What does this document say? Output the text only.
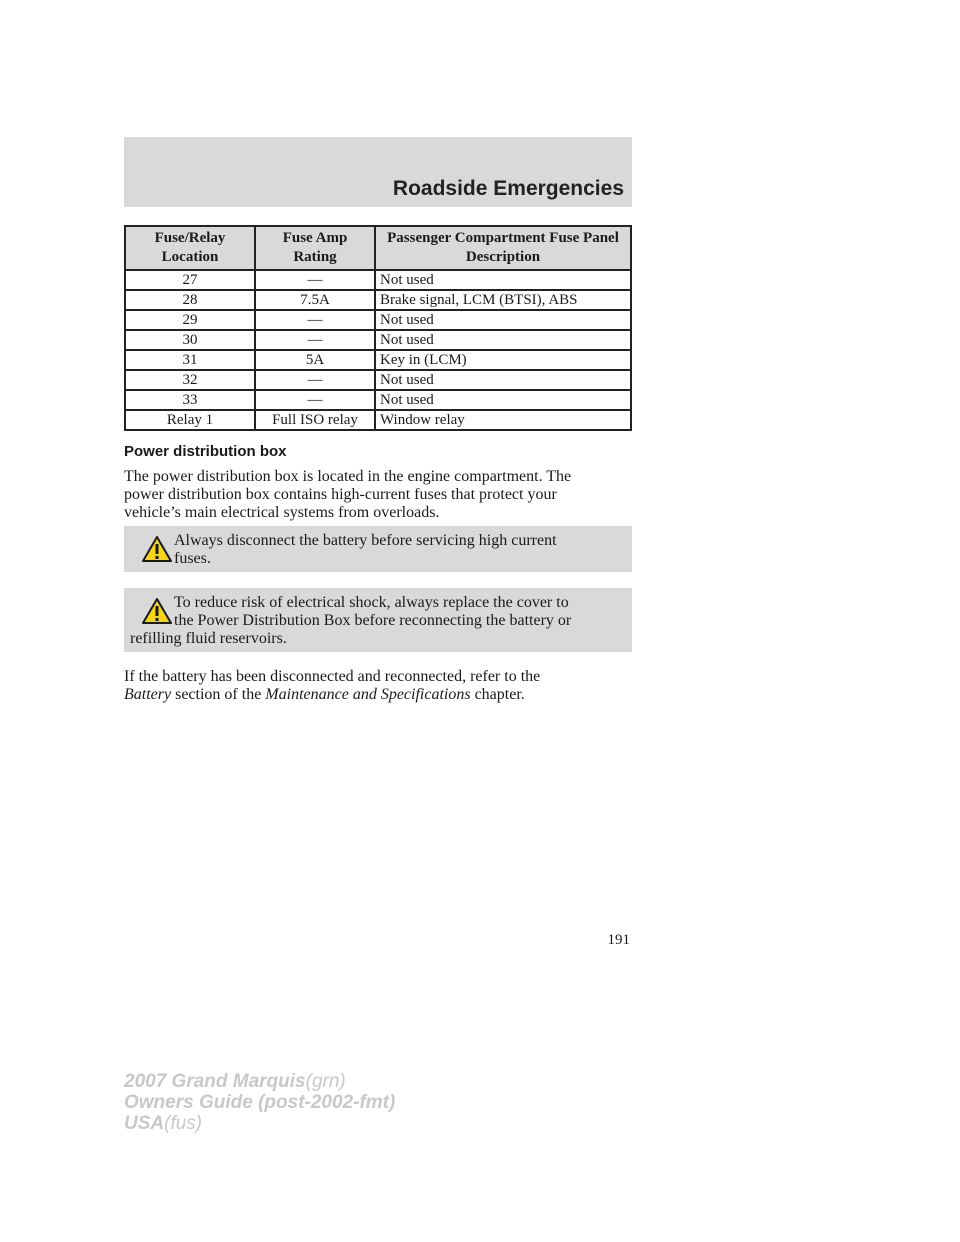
Roadside Emergencies
Fuse/Relay Location	Fuse Amp Rating	Passenger Compartment Fuse Panel Description
27	—	Not used
28	7.5A	Brake signal, LCM (BTSI), ABS
29	—	Not used
30	—	Not used
31	5A	Key in (LCM)
32	—	Not used
33	—	Not used
Relay 1	Full ISO relay	Window relay
Power distribution box
The power distribution box is located in the engine compartment. The
power distribution box contains high-current fuses that protect your
vehicle’s main electrical systems from overloads.
Always disconnect the battery before servicing high current
fuses.
To reduce risk of electrical shock, always replace the cover to
the Power Distribution Box before reconnecting the battery or
refilling fluid reservoirs.
If the battery has been disconnected and reconnected, refer to the
Battery section of the Maintenance and Specifications chapter.
191
2007 Grand Marquis(grn)
Owners Guide (post-2002-fmt)
USA(fus)
